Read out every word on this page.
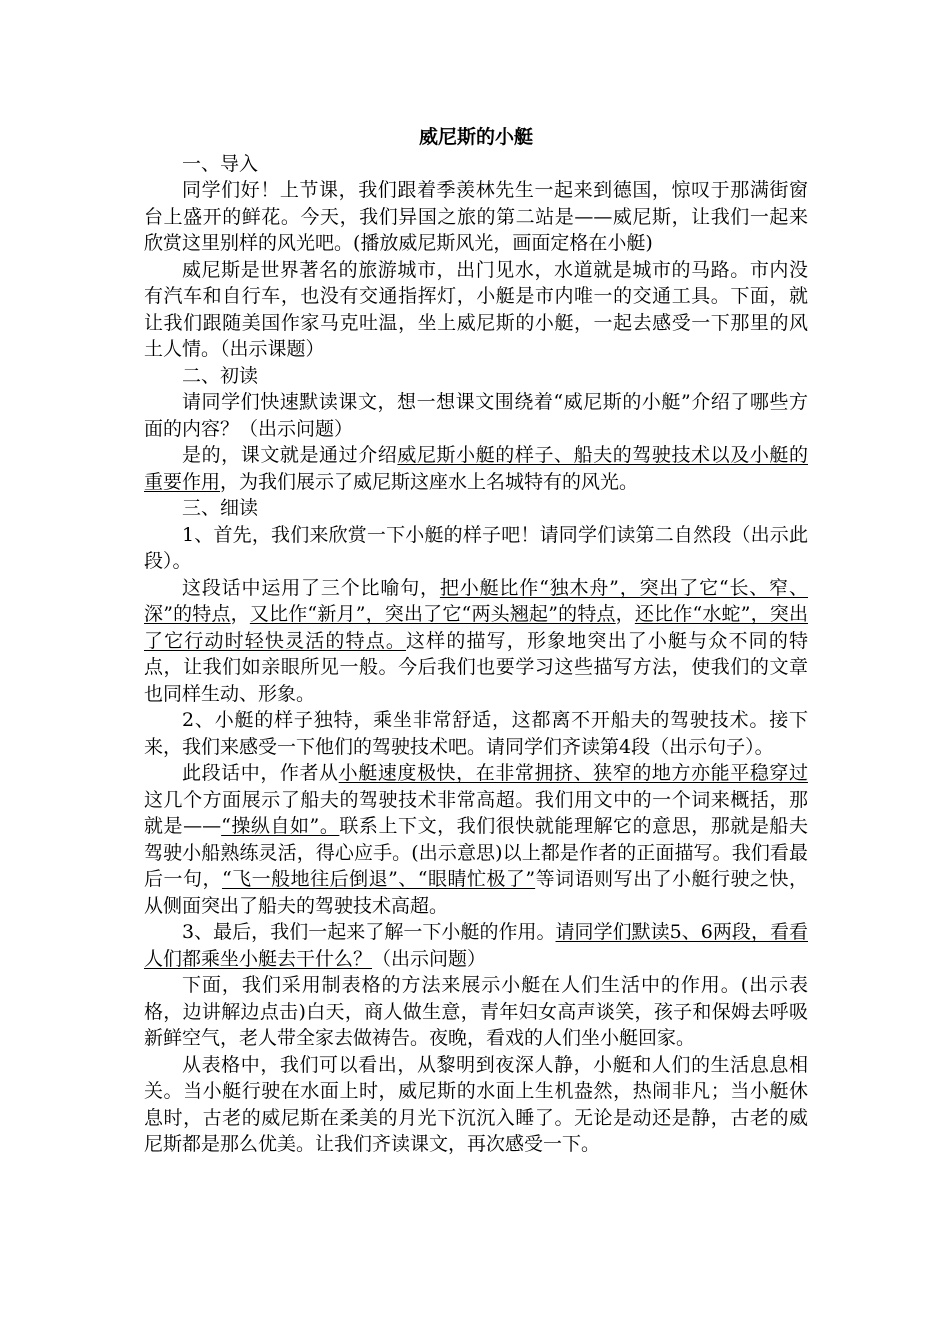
威尼斯的小艇

一、导入

同学们好！上节课，我们跟着季羡林先生一起来到德国，惊叹于那满街窗台上盛开的鲜花。今天，我们异国之旅的第二站是——威尼斯，让我们一起来欣赏这里别样的风光吧。(播放威尼斯风光，画面定格在小艇)

威尼斯是世界著名的旅游城市，出门见水，水道就是城市的马路。市内没有汽车和自行车，也没有交通指挥灯，小艇是市内唯一的交通工具。下面，就让我们跟随美国作家马克吐温，坐上威尼斯的小艇，一起去感受一下那里的风土人情。（出示课题）

二、初读

请同学们快速默读课文，想一想课文围绕着“威尼斯的小艇”介绍了哪些方面的内容？（出示问题）

是的，课文就是通过介绍威尼斯小艇的样子、船夫的驾驶技术以及小艇的重要作用，为我们展示了威尼斯这座水上名城特有的风光。

三、细读

1、首先，我们来欣赏一下小艇的样子吧！请同学们读第二自然段（出示此段）。

这段话中运用了三个比喻句，把小艇比作“独木舟”，突出了它“长、窄、深”的特点，又比作“新月”，突出了它“两头翘起”的特点，还比作“水蛇”，突出了它行动时轻快灵活的特点。这样的描写，形象地突出了小艇与众不同的特点，让我们如亲眼所见一般。今后我们也要学习这些描写方法，使我们的文章也同样生动、形象。

2、小艇的样子独特，乘坐非常舒适，这都离不开船夫的驾驶技术。接下来，我们来感受一下他们的驾驶技术吧。请同学们齐读第4段（出示句子）。

此段话中，作者从小艇速度极快，在非常拥挤、狭窄的地方亦能平稳穿过这几个方面展示了船夫的驾驶技术非常高超。我们用文中的一个词来概括，那就是——“操纵自如”。联系上下文，我们很快就能理解它的意思，那就是船夫驾驶小船熟练灵活，得心应手。(出示意思)以上都是作者的正面描写。我们看最后一句，“飞一般地往后倒退”、“眼睛忙极了”等词语则写出了小艇行驶之快，从侧面突出了船夫的驾驶技术高超。

3、最后，我们一起来了解一下小艇的作用。请同学们默读5、6两段，看看人们都乘坐小艇去干什么？（出示问题）

下面，我们采用制表格的方法来展示小艇在人们生活中的作用。(出示表格，边讲解边点击)白天，商人做生意，青年妇女高声谈笑，孩子和保姆去呼吸新鲜空气，老人带全家去做祷告。夜晚，看戏的人们坐小艇回家。

从表格中，我们可以看出，从黎明到夜深人静，小艇和人们的生活息息相关。当小艇行驶在水面上时，威尼斯的水面上生机盎然，热闹非凡；当小艇休息时，古老的威尼斯在柔美的月光下沉沉入睡了。无论是动还是静，古老的威尼斯都是那么优美。让我们齐读课文，再次感受一下。
